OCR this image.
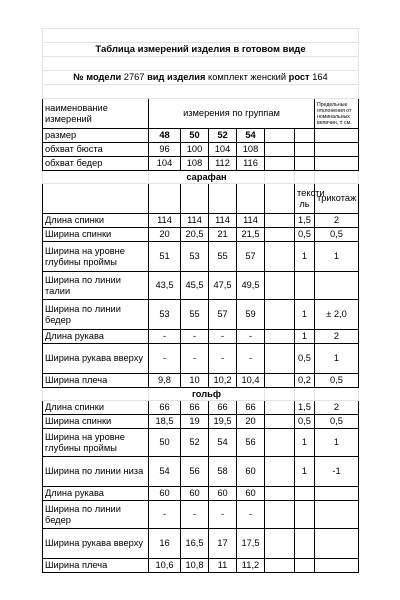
Таблица измерений изделия в готовом виде							

№ модели 2767 вид изделия комплект женский рост 164							

наименование измерений	измерения по группам						Предельные отклонения от номинальных величин, ± см.
размер	48	50	52	54			
обхват бюста	96	100	104	108			
обхват бедер	104	108	112	116			
	сарафан						
						тексти ль	трикотаж
Длина спинки	114	114	114	114		1,5	2
Ширина спинки	20	20,5	21	21,5		0,5	0,5
Ширина на уровне глубины проймы	51	53	55	57		1	1
Ширина по линии талии	43,5	45,5	47,5	49,5			
Ширина по линии бедер	53	55	57	59		1	± 2,0
Длина рукава	-	-	-	-		1	2
Ширина рукава вверху	-	-	-	-		0,5	1
Ширина плеча	9,8	10	10,2	10,4		0,2	0,5
	гольф						
Длина спинки	66	66	66	66		1,5	2
Ширина спинки	18,5	19	19,5	20		0,5	0,5
Ширина на уровне глубины проймы	50	52	54	56		1	1
Ширина по линии низа	54	56	58	60		1	-1
Длина рукава	60	60	60	60			
Ширина по линии бедер	-	-	-	-			
Ширина рукава вверху	16	16,5	17	17,5			
Ширина плеча	10,6	10,8	11	11,2			
